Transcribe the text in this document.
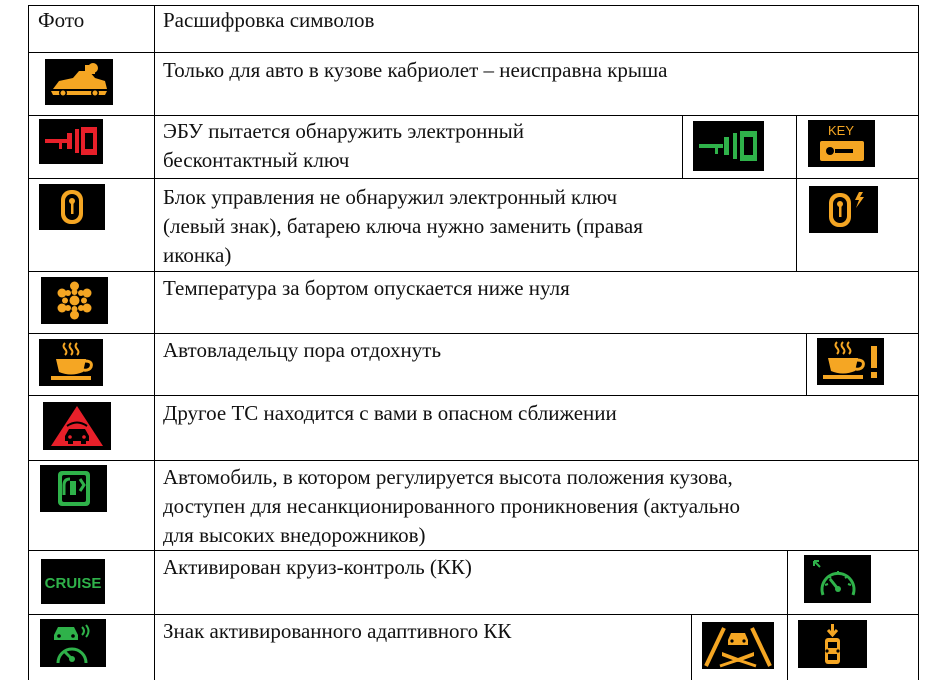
Фото	Расшифровка символов
Только для авто в кузове кабриолет – неисправна крыша
ЭБУ пытается обнаружить электронный
бесконтактный ключ
KEY
Блок управления не обнаружил электронный ключ
(левый знак), батарею ключа нужно заменить (правая
иконка)
Температура за бортом опускается ниже нуля
Автовладельцу пора отдохнуть
Другое ТС находится с вами в опасном сближении
Автомобиль, в котором регулируется высота положения кузова,
доступен для несанкционированного проникновения (актуально
для высоких внедорожников)
Активирован круиз-контроль (КК)
CRUISE
Знак активированного адаптивного КК
